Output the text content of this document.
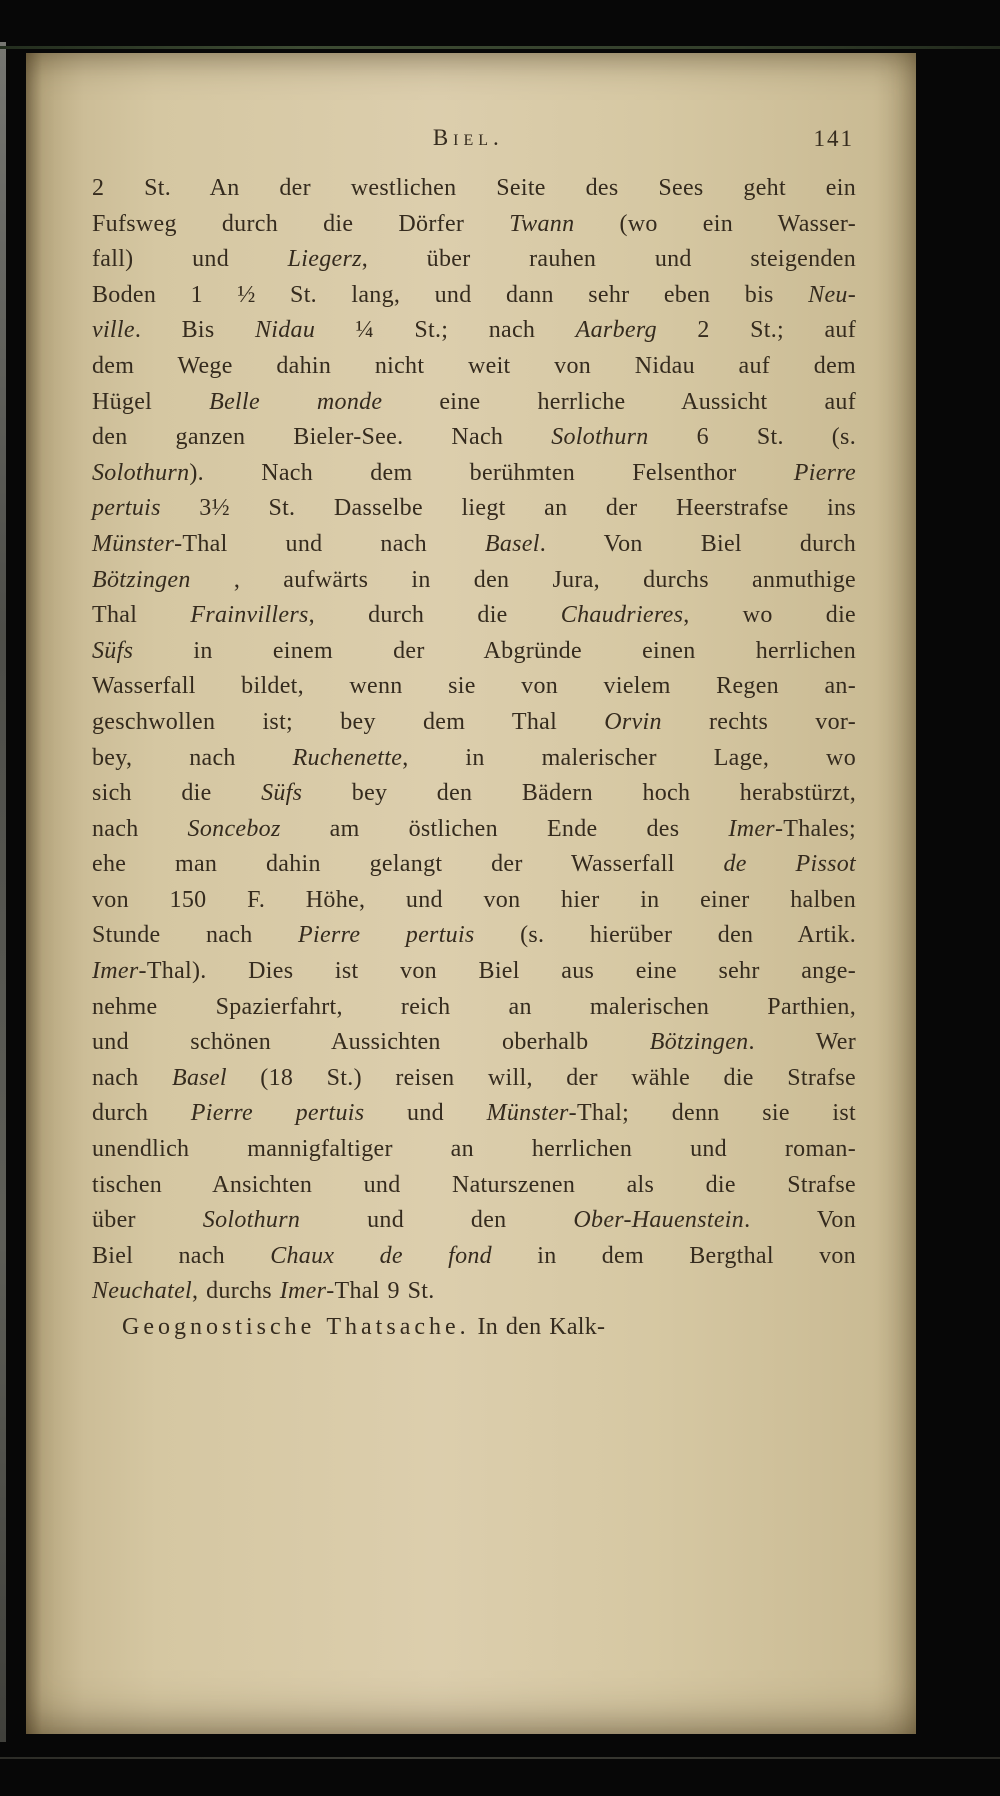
Biel.	141
2 St. An der westlichen Seite des Sees geht ein
Fufsweg durch die Dörfer Twann (wo ein Wasser-
fall) und Liegerz, über rauhen und steigenden
Boden 1 ½ St. lang, und dann sehr eben bis Neu-
ville. Bis Nidau ¼ St.; nach Aarberg 2 St.; auf
dem Wege dahin nicht weit von Nidau auf dem
Hügel Belle monde eine herrliche Aussicht auf
den ganzen Bieler-See. Nach Solothurn 6 St. (s.
Solothurn). Nach dem berühmten Felsenthor Pierre
pertuis 3½ St. Dasselbe liegt an der Heerstrafse ins
Münster-Thal und nach Basel. Von Biel durch
Bötzingen , aufwärts in den Jura, durchs anmuthige
Thal Frainvillers, durch die Chaudrieres, wo die
Süfs in einem der Abgründe einen herrlichen
Wasserfall bildet, wenn sie von vielem Regen an-
geschwollen ist; bey dem Thal Orvin rechts vor-
bey, nach Ruchenette, in malerischer Lage, wo
sich die Süfs bey den Bädern hoch herabstürzt,
nach Sonceboz am östlichen Ende des Imer-Thales;
ehe man dahin gelangt der Wasserfall de Pissot
von 150 F. Höhe, und von hier in einer halben
Stunde nach Pierre pertuis (s. hierüber den Artik.
Imer-Thal). Dies ist von Biel aus eine sehr ange-
nehme Spazierfahrt, reich an malerischen Parthien,
und schönen Aussichten oberhalb Bötzingen. Wer
nach Basel (18 St.) reisen will, der wähle die Strafse
durch Pierre pertuis und Münster-Thal; denn sie ist
unendlich mannigfaltiger an herrlichen und roman-
tischen Ansichten und Naturszenen als die Strafse
über Solothurn und den Ober-Hauenstein. Von
Biel nach Chaux de fond in dem Bergthal von
Neuchatel, durchs Imer-Thal 9 St.
Geognostische Thatsache. In den Kalk-
